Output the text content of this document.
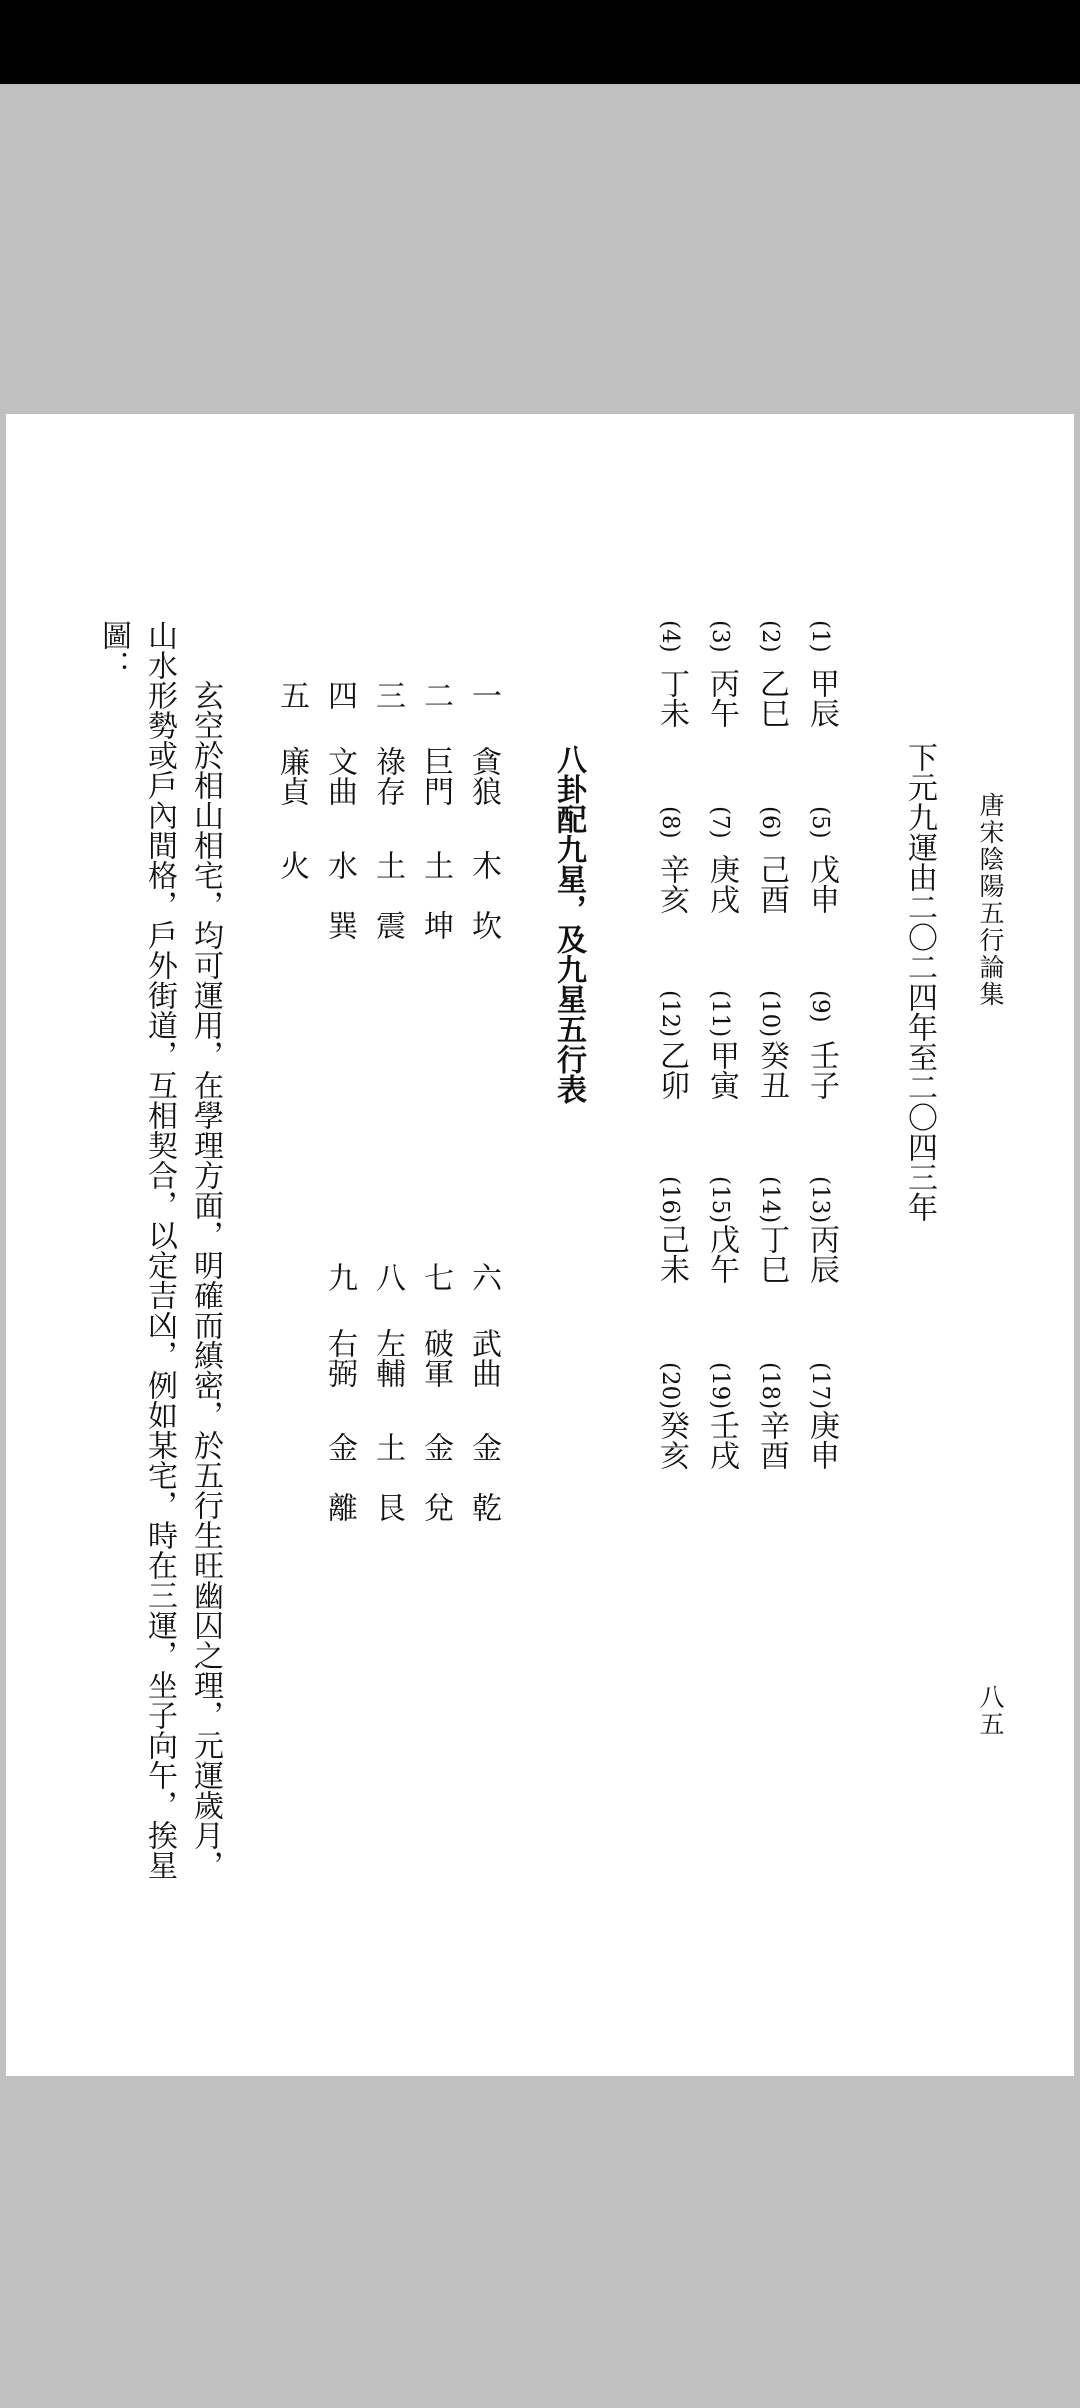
唐宋陰陽五行論集
八五
下元九運由二〇二四年至二〇四三年
(1)
甲辰
(2)
乙巳
(3)
丙午
(4)
丁未
(5)
戊申
(6)
己酉
(7)
庚戌
(8)
辛亥
(9)
壬子
(10)
癸丑
(11)
甲寅
(12)
乙卯
(13)
丙辰
(14)
丁巳
(15)
戊午
(16)
己未
(17)
庚申
(18)
辛酉
(19)
壬戌
(20)
癸亥
八卦配九星，及九星五行表
一
貪狼
木
坎
二
巨門
土
坤
三
祿存
土
震
四
文曲
水
巽
五
廉貞
火
六
武曲
金
乾
七
破軍
金
兌
八
左輔
土
艮
九
右弼
金
離
玄空於相山相宅，均可運用，在學理方面，明確而縝密，於五行生旺幽囚之理，元運歲月，
山水形勢或戶內間格，戶外街道，互相契合，以定吉凶，例如某宅，時在三運，坐子向午，挨星
圖：
